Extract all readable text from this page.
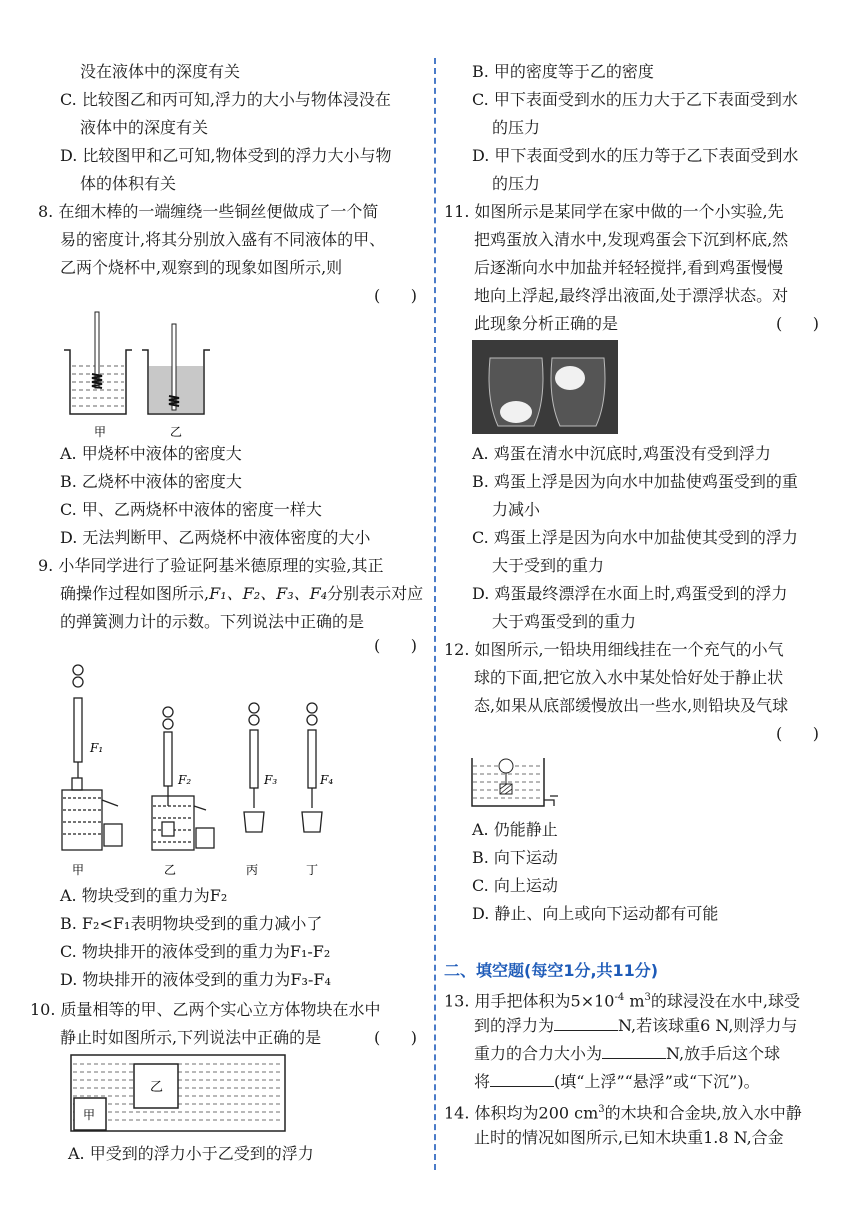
没在液体中的深度有关
C. 比较图乙和丙可知,浮力的大小与物体浸没在
液体中的深度有关
D. 比较图甲和乙可知,物体受到的浮力大小与物
体的体积有关
8. 在细木棒的一端缠绕一些铜丝便做成了一个简
易的密度计,将其分别放入盛有不同液体的甲、
乙两个烧杯中,观察到的现象如图所示,则
(      )
甲	乙
A. 甲烧杯中液体的密度大
B. 乙烧杯中液体的密度大
C. 甲、乙两烧杯中液体的密度一样大
D. 无法判断甲、乙两烧杯中液体密度的大小
9. 小华同学进行了验证阿基米德原理的实验,其正
确操作过程如图所示,F₁、F₂、F₃、F₄分别表示对应
的弹簧测力计的示数。下列说法中正确的是
(      )
F₁
F₂	F₃	F₄
甲	乙	丙	丁
A. 物块受到的重力为F₂
B. F₂<F₁表明物块受到的重力减小了
C. 物块排开的液体受到的重力为F₁-F₂
D. 物块排开的液体受到的重力为F₃-F₄
10. 质量相等的甲、乙两个实心立方体物块在水中
静止时如图所示,下列说法中正确的是	(      )
乙
甲
A. 甲受到的浮力小于乙受到的浮力
B. 甲的密度等于乙的密度
C. 甲下表面受到水的压力大于乙下表面受到水
的压力
D. 甲下表面受到水的压力等于乙下表面受到水
的压力
11. 如图所示是某同学在家中做的一个小实验,先
把鸡蛋放入清水中,发现鸡蛋会下沉到杯底,然
后逐渐向水中加盐并轻轻搅拌,看到鸡蛋慢慢
地向上浮起,最终浮出液面,处于漂浮状态。对
此现象分析正确的是	(      )
A. 鸡蛋在清水中沉底时,鸡蛋没有受到浮力
B. 鸡蛋上浮是因为向水中加盐使鸡蛋受到的重
力减小
C. 鸡蛋上浮是因为向水中加盐使其受到的浮力
大于受到的重力
D. 鸡蛋最终漂浮在水面上时,鸡蛋受到的浮力
大于鸡蛋受到的重力
12. 如图所示,一铅块用细线挂在一个充气的小气
球的下面,把它放入水中某处恰好处于静止状
态,如果从底部缓慢放出一些水,则铅块及气球
(      )
A. 仍能静止
B. 向下运动
C. 向上运动
D. 静止、向上或向下运动都有可能
二、填空题(每空1分,共11分)
13. 用手把体积为$5\times 10^{-4}$ $m^3$的球浸没在水中,球受
到的浮力为	N,若该球重6 N,则浮力与
重力的合力大小为	N,放手后这个球
将	(填“上浮”“悬浮”或“下沉”)。
14. 体积均为200 $cm^3$的木块和合金块,放入水中静
止时的情况如图所示,已知木块重1.8 N,合金
